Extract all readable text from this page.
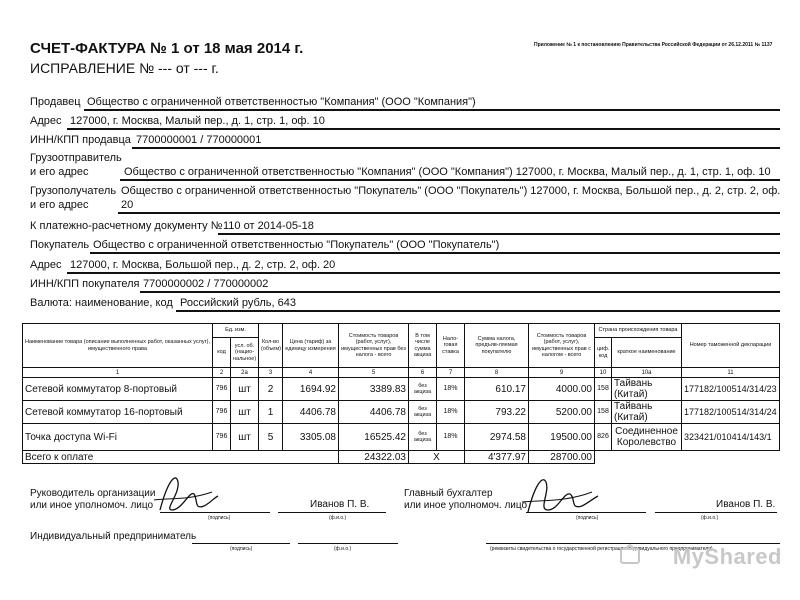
СЧЕТ-ФАКТУРА № 1 от 18 мая 2014 г.
ИСПРАВЛЕНИЕ № --- от --- г.
Приложение № 1 к постановлению Правительства Российской Федерации от 26.12.2011 № 1137
Продавец Общество с ограниченной ответственностью "Компания" (ООО "Компания")
Адрес 127000, г. Москва, Малый пер., д. 1, стр. 1, оф. 10
ИНН/КПП продавца 7700000001 / 770000001
Грузоотправитель
и его адрес	Общество с ограниченной ответственностью "Компания" (ООО "Компания") 127000, г. Москва, Малый пер., д. 1, стр. 1, оф. 10
Грузополучатель
и его адрес
Общество с ограниченной ответственностью "Покупатель" (ООО "Покупатель") 127000, г. Москва, Большой пер., д. 2, стр. 2, оф.
20
К платежно-расчетному документу № 110 от 2014-05-18
Покупатель Общество с ограниченной ответственностью "Покупатель" (ООО "Покупатель")
Адрес 127000, г. Москва, Большой пер., д. 2, стр. 2, оф. 20
ИНН/КПП покупателя 7700000002 / 770000002
Валюта: наименование, код Российский рубль, 643
Наименование товара (описание выполненных работ, оказанных услуг), имущественного права	Ед. изм.		Кол-во (объем)	Цена (тариф) за единицу измерения	Стоимость товаров (работ, услуг), имущественных прав без налога - всего	В том числе сумма акциза	Нало-говая ставка	Сумма налога, предъяв-ляемая покупателю	Стоимость товаров (работ, услуг), имущественных прав с налогом - всего	Страна происхождения товара		Номер таможенной декларации
	код	усл. об. (нацио-нальное)								циф. код	краткое наименование	
1	2	2a	3	4	5	6	7	8	9	10	10a	11
Сетевой коммутатор 8-портовый	796	шт	2	1694.92	3389.83	без акциза	18%	610.17	4000.00	158	Тайвань (Китай)	177182/100514/314/23
Сетевой коммутатор 16-портовый	796	шт	1	4406.78	4406.78	без акциза	18%	793.22	5200.00	158	Тайвань (Китай)	177182/100514/314/24
Точка доступа Wi-Fi	796	шт	5	3305.08	16525.42	без акциза	18%	2974.58	19500.00	826	Соединенное Королевство	323421/010414/143/1
Всего к оплате					24322.03	X		4'377.97	28700.00			
Руководитель организации
или иное уполномоч. лицо
(подпись)
Иванов П. В.
(ф.и.о.)
Главный бухгалтер
или иное уполномоч. лицо
(подпись)
Иванов П. В.
(ф.и.о.)
Индивидуальный предприниматель
(подпись)	(ф.и.о.)	(реквизиты свидетельства о государственной регистрации индивидуального предпринимателя)
MyShared
